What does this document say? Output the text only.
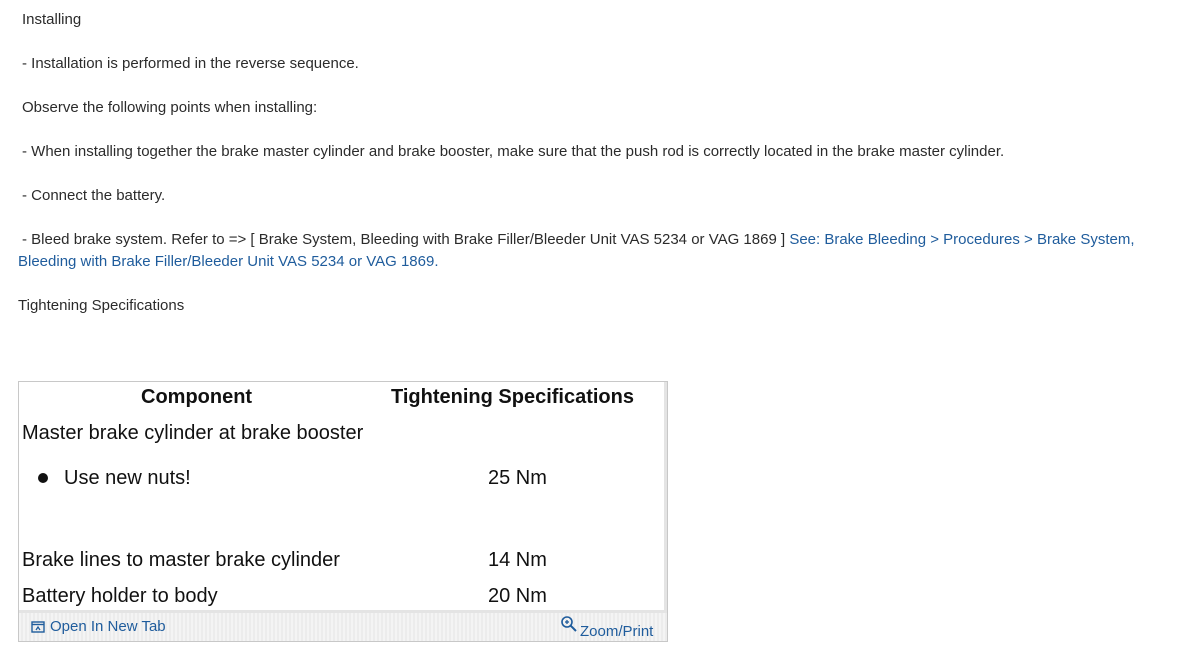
Installing
- Installation is performed in the reverse sequence.
Observe the following points when installing:
- When installing together the brake master cylinder and brake booster, make sure that the push rod is correctly located in the brake master cylinder.
- Connect the battery.
- Bleed brake system. Refer to => [ Brake System, Bleeding with Brake Filler/Bleeder Unit VAS 5234 or VAG 1869 ] See: Brake Bleeding > Procedures > Brake System, Bleeding with Brake Filler/Bleeder Unit VAS 5234 or VAG 1869.
Tightening Specifications
Component	Tightening Specifications
Master brake cylinder at brake booster
Use new nuts!	25 Nm
Brake lines to master brake cylinder	14 Nm
Battery holder to body	20 Nm
Open In New Tab	Zoom/Print
